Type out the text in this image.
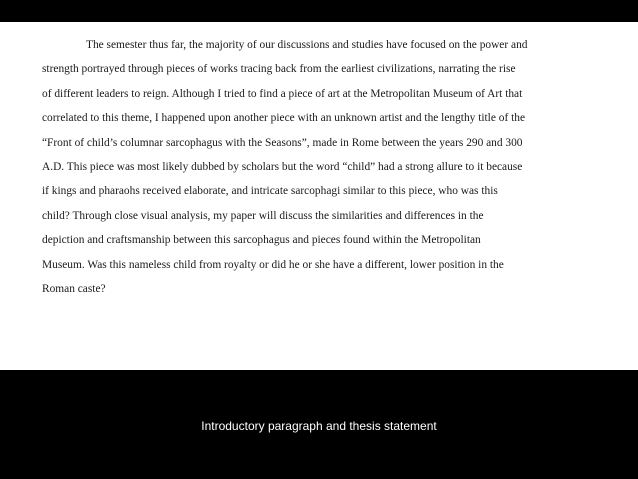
The semester thus far, the majority of our discussions and studies have focused on the power and
strength portrayed through pieces of works tracing back from the earliest civilizations, narrating the rise
of different leaders to reign. Although I tried to find a piece of art at the Metropolitan Museum of Art that
correlated to this theme, I happened upon another piece with an unknown artist and the lengthy title of the
“Front of child’s columnar sarcophagus with the Seasons”, made in Rome between the years 290 and 300
A.D. This piece was most likely dubbed by scholars but the word “child” had a strong allure to it because
if kings and pharaohs received elaborate, and intricate sarcophagi similar to this piece, who was this
child? Through close visual analysis, my paper will discuss the similarities and differences in the
depiction and craftsmanship between this sarcophagus and pieces found within the Metropolitan
Museum. Was this nameless child from royalty or did he or she have a different, lower position in the
Roman caste?

Introductory paragraph and thesis statement
